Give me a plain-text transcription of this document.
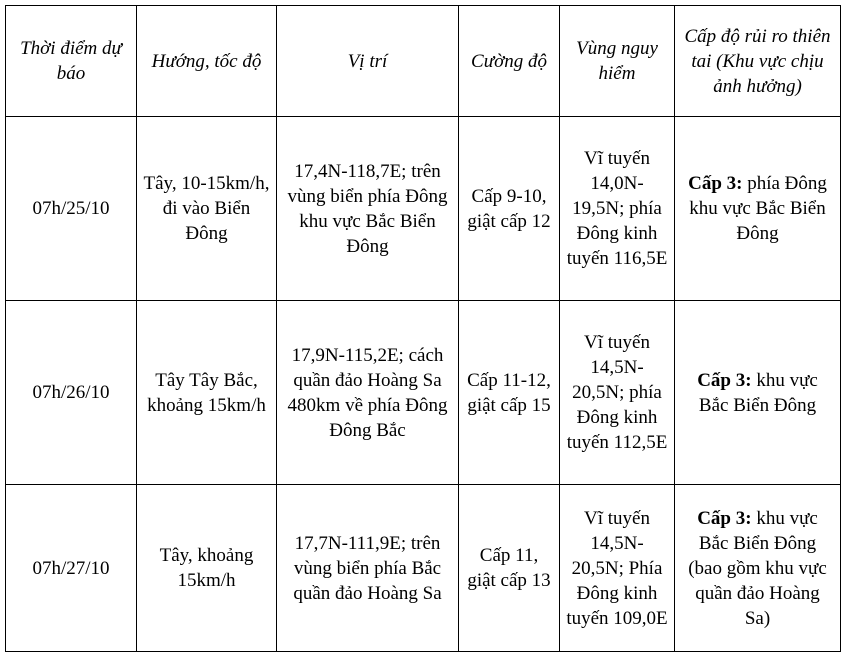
Thời điểm dự báo	Hướng, tốc độ	Vị trí	Cường độ	Vùng nguy hiểm	Cấp độ rủi ro thiên tai (Khu vực chịu ảnh hưởng)
07h/25/10	Tây, 10-15km/h, đi vào Biển Đông	17,4N-118,7E; trên vùng biển phía Đông khu vực Bắc Biển Đông	Cấp 9-10, giật cấp 12	Vĩ tuyến 14,0N-19,5N; phía Đông kinh tuyến 116,5E	Cấp 3: phía Đông khu vực Bắc Biển Đông
07h/26/10	Tây Tây Bắc, khoảng 15km/h	17,9N-115,2E; cách quần đảo Hoàng Sa 480km về phía Đông Đông Bắc	Cấp 11-12, giật cấp 15	Vĩ tuyến 14,5N-20,5N; phía Đông kinh tuyến 112,5E	Cấp 3: khu vực Bắc Biển Đông
07h/27/10	Tây, khoảng 15km/h	17,7N-111,9E; trên vùng biển phía Bắc quần đảo Hoàng Sa	Cấp 11, giật cấp 13	Vĩ tuyến 14,5N-20,5N; Phía Đông kinh tuyến 109,0E	Cấp 3: khu vực Bắc Biển Đông (bao gồm khu vực quần đảo Hoàng Sa)
